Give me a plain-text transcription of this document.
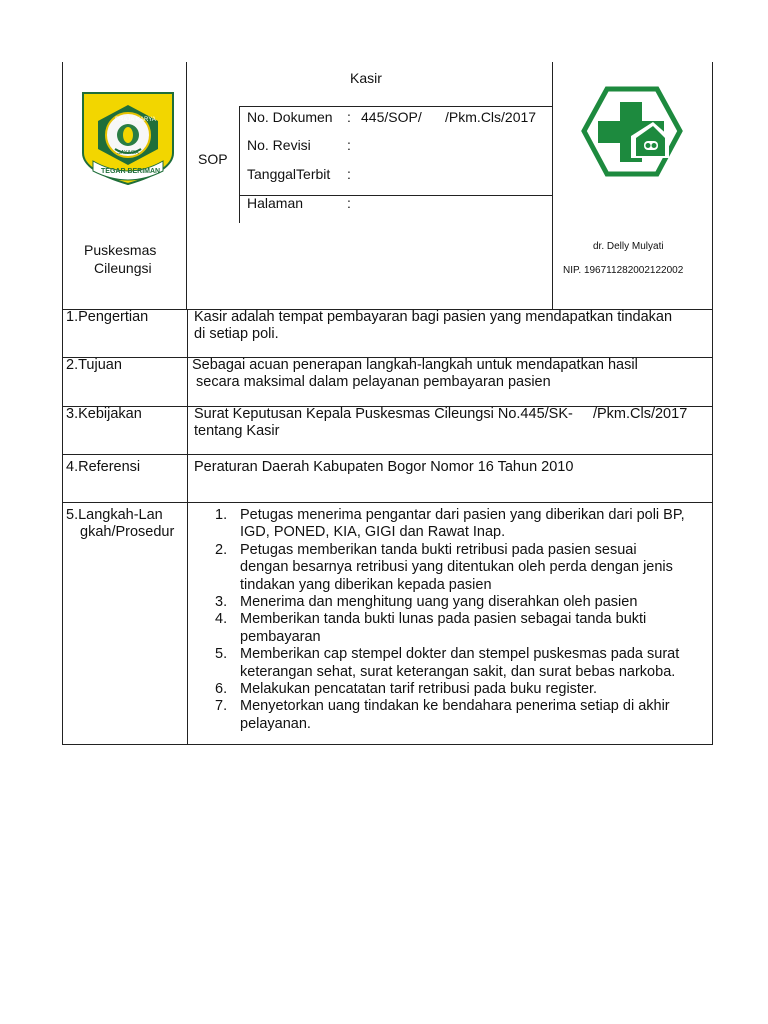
Kasir
SOP
PRAJA KARYA
SAYAGA
TEGAR BERIMAN
Puskesmas
Cileungsi
No. Dokumen : 445/SOP/      /Pkm.Cls/2017
No. Revisi	:
TanggalTerbit :
Halaman	:
dr. Delly Mulyati
NIP. 196711282002122002
1.Pengertian	Kasir adalah tempat pembayaran bagi pasien yang mendapatkan tindakan
di setiap poli.
2.Tujuan	Sebagai acuan penerapan langkah-langkah untuk mendapatkan hasil
secara maksimal dalam pelayanan pembayaran pasien
3.Kebijakan	Surat Keputusan Kepala Puskesmas Cileungsi No.445/SK-     /Pkm.Cls/2017
tentang Kasir
4.Referensi	Peraturan Daerah Kabupaten Bogor Nomor 16 Tahun 2010
5.Langkah-Lan
gkah/Prosedur
1. Petugas menerima pengantar dari pasien yang diberikan dari poli BP,
IGD, PONED, KIA, GIGI dan Rawat Inap.
2. Petugas memberikan tanda bukti retribusi pada pasien sesuai
dengan besarnya retribusi yang ditentukan oleh perda dengan jenis
tindakan yang diberikan kepada pasien
3. Menerima dan menghitung uang yang diserahkan oleh pasien
4. Memberikan tanda bukti lunas pada pasien sebagai tanda bukti
pembayaran
5. Memberikan cap stempel dokter dan stempel puskesmas pada surat
keterangan sehat, surat keterangan sakit, dan surat bebas narkoba.
6. Melakukan pencatatan tarif retribusi pada buku register.
7. Menyetorkan uang tindakan ke bendahara penerima setiap di akhir
pelayanan.
